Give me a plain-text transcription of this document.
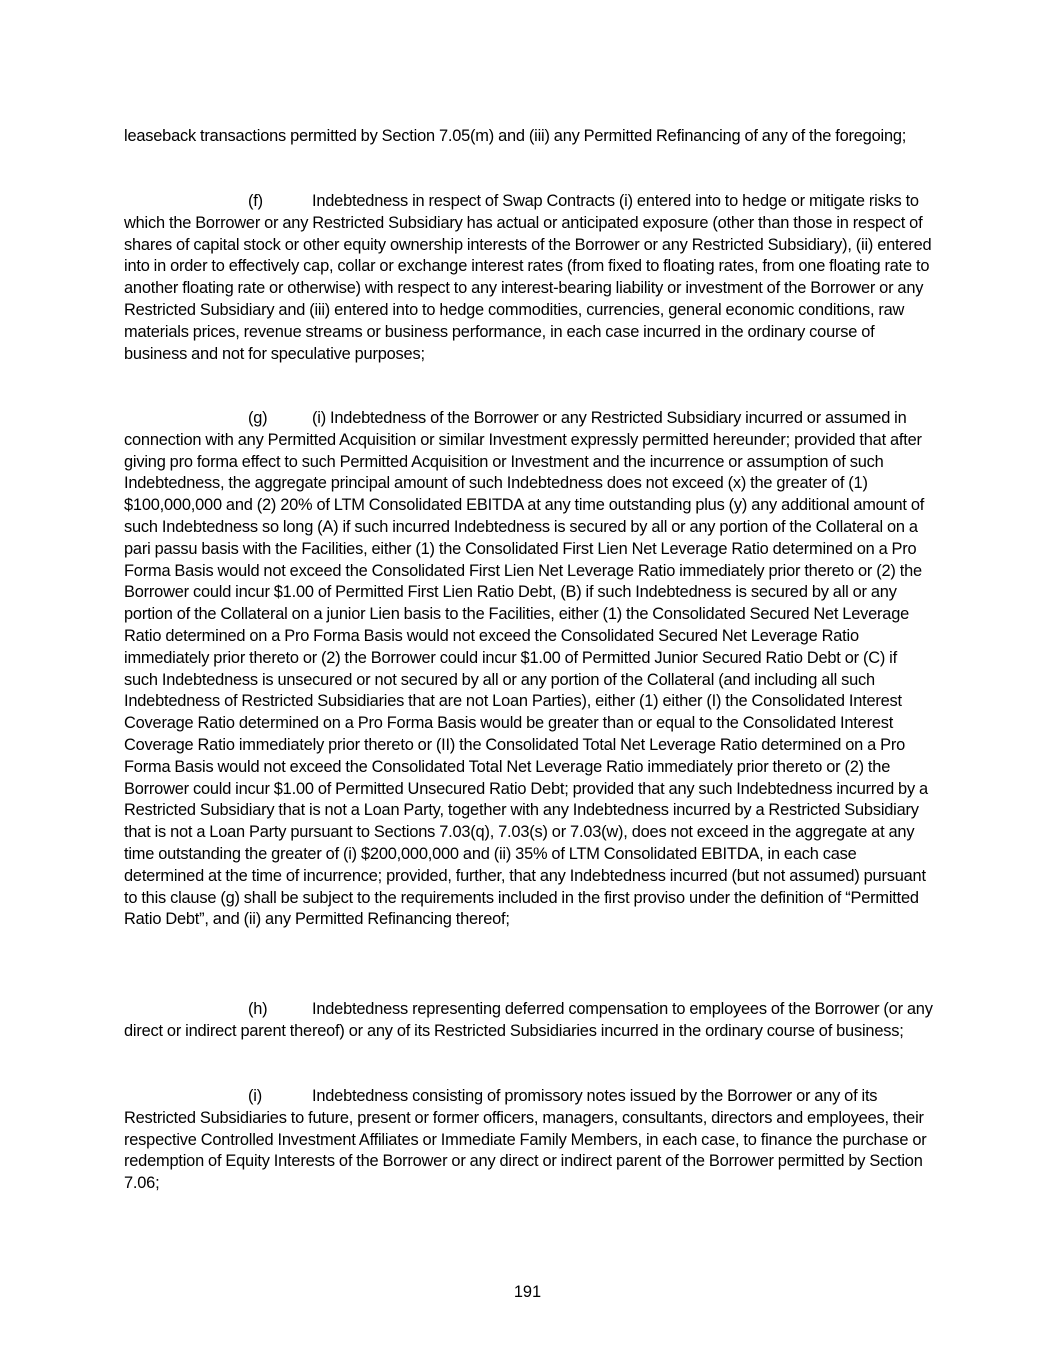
leaseback transactions permitted by Section 7.05(m) and (iii) any Permitted Refinancing of any of the foregoing;

(f)	Indebtedness in respect of Swap Contracts (i) entered into to hedge or mitigate risks to which the Borrower or any Restricted Subsidiary has actual or anticipated exposure (other than those in respect of shares of capital stock or other equity ownership interests of the Borrower or any Restricted Subsidiary), (ii) entered into in order to effectively cap, collar or exchange interest rates (from fixed to floating rates, from one floating rate to another floating rate or otherwise) with respect to any interest-bearing liability or investment of the Borrower or any Restricted Subsidiary and (iii) entered into to hedge commodities, currencies, general economic conditions, raw materials prices, revenue streams or business performance, in each case incurred in the ordinary course of business and not for speculative purposes;

(g)	(i) Indebtedness of the Borrower or any Restricted Subsidiary incurred or assumed in connection with any Permitted Acquisition or similar Investment expressly permitted hereunder; provided that after giving pro forma effect to such Permitted Acquisition or Investment and the incurrence or assumption of such Indebtedness, the aggregate principal amount of such Indebtedness does not exceed (x) the greater of (1) $100,000,000 and (2) 20% of LTM Consolidated EBITDA at any time outstanding plus (y) any additional amount of such Indebtedness so long (A) if such incurred Indebtedness is secured by all or any portion of the Collateral on a pari passu basis with the Facilities, either (1) the Consolidated First Lien Net Leverage Ratio determined on a Pro Forma Basis would not exceed the Consolidated First Lien Net Leverage Ratio immediately prior thereto or (2) the Borrower could incur $1.00 of Permitted First Lien Ratio Debt, (B) if such Indebtedness is secured by all or any portion of the Collateral on a junior Lien basis to the Facilities, either (1) the Consolidated Secured Net Leverage Ratio determined on a Pro Forma Basis would not exceed the Consolidated Secured Net Leverage Ratio immediately prior thereto or (2) the Borrower could incur $1.00 of Permitted Junior Secured Ratio Debt or (C) if such Indebtedness is unsecured or not secured by all or any portion of the Collateral (and including all such Indebtedness of Restricted Subsidiaries that are not Loan Parties), either (1) either (I) the Consolidated Interest Coverage Ratio determined on a Pro Forma Basis would be greater than or equal to the Consolidated Interest Coverage Ratio immediately prior thereto or (II) the Consolidated Total Net Leverage Ratio determined on a Pro Forma Basis would not exceed the Consolidated Total Net Leverage Ratio immediately prior thereto or (2) the Borrower could incur $1.00 of Permitted Unsecured Ratio Debt; provided that any such Indebtedness incurred by a Restricted Subsidiary that is not a Loan Party, together with any Indebtedness incurred by a Restricted Subsidiary that is not a Loan Party pursuant to Sections 7.03(q), 7.03(s) or 7.03(w), does not exceed in the aggregate at any time outstanding the greater of (i) $200,000,000 and (ii) 35% of LTM Consolidated EBITDA, in each case determined at the time of incurrence; provided, further, that any Indebtedness incurred (but not assumed) pursuant to this clause (g) shall be subject to the requirements included in the first proviso under the definition of “Permitted Ratio Debt”, and (ii) any Permitted Refinancing thereof;

(h)	Indebtedness representing deferred compensation to employees of the Borrower (or any direct or indirect parent thereof) or any of its Restricted Subsidiaries incurred in the ordinary course of business;

(i)	Indebtedness consisting of promissory notes issued by the Borrower or any of its Restricted Subsidiaries to future, present or former officers, managers, consultants, directors and employees, their respective Controlled Investment Affiliates or Immediate Family Members, in each case, to finance the purchase or redemption of Equity Interests of the Borrower or any direct or indirect parent of the Borrower permitted by Section 7.06;

191
